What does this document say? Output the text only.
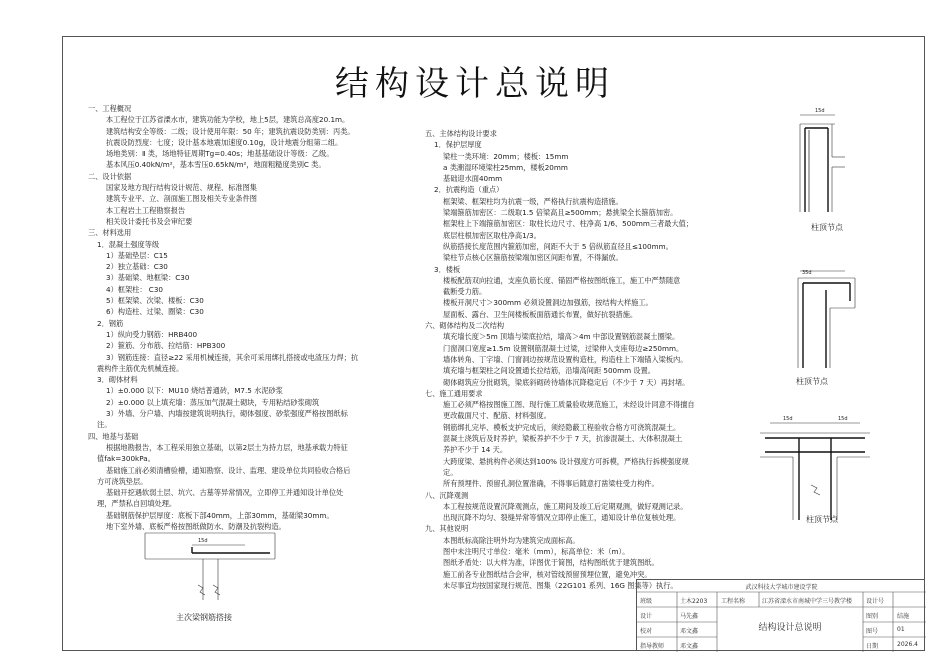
结构设计总说明
一、工程概况
本工程位于江苏省溧水市，建筑功能为学校，地上5层，建筑总高度20.1m。
建筑结构安全等级：二级；设计使用年限：50 年；建筑抗震设防类别：丙类。
抗震设防烈度：七度；设计基本地震加速度0.10g，设计地震分组第二组。
场地类别：Ⅱ 类，场地特征周期Tg=0.40s；地基基础设计等级：乙级。
基本风压0.40kN/m²，基本雪压0.65kN/m²，地面粗糙度类别C 类。
二、设计依据
国家及地方现行结构设计规范、规程、标准图集
建筑专业平、立、剖面施工图及相关专业条件图
本工程岩土工程勘察报告
相关设计委托书及会审纪要
三、材料选用
1．混凝土强度等级
1）基础垫层：C15
2）独立基础：C30
3）基础梁、地框梁：C30
4）框架柱： C30
5）框架梁、次梁、楼板：C30
6）构造柱、过梁、圈梁：C30
2．钢筋
1）纵向受力钢筋：HRB400
2）箍筋、分布筋、拉结筋：HPB300
3）钢筋连接：直径≥22 采用机械连接，其余可采用绑扎搭接或电渣压力焊；抗
震构件主筋优先机械连接。
3．砌体材料
1）±0.000 以下：MU10 烧结普通砖，M7.5 水泥砂浆
2）±0.000 以上填充墙：蒸压加气混凝土砌块，专用粘结砂浆砌筑
3）外墙、分户墙、内墙按建筑说明执行，砌体强度、砂浆强度严格按图纸标
注。
四、地基与基础
根据地勘报告，本工程采用独立基础，以第2层土为持力层，地基承载力特征
值fak=300kPa。
基础施工前必须清槽验槽，通知勘察、设计、监理、建设单位共同验收合格后
方可浇筑垫层。
基础开挖遇软弱土层、坑穴、古墓等异常情况，立即停工并通知设计单位处
理，严禁私自回填处理。
基础钢筋保护层厚度：底板下部40mm，上部30mm，基础梁30mm。
地下室外墙、底板严格按图纸做防水、防潮及抗裂构造。
五、主体结构设计要求
1．保护层厚度
梁柱一类环境：20mm；楼板：15mm
a 类潮湿环境梁柱25mm，楼板20mm
基础迎水面40mm
2．抗震构造（重点）
框架梁、框架柱均为抗震一级，严格执行抗震构造措施。
梁端箍筋加密区：二级取1.5 倍梁高且≥500mm；悬挑梁全长箍筋加密。
框架柱上下端箍筋加密区：取柱长边尺寸、柱净高 1/6、500mm三者最大值；
底层柱根加密区取柱净高1/3。
纵筋搭接长度范围内箍筋加密，间距不大于 5 倍纵筋直径且≤100mm。
梁柱节点核心区箍筋按梁端加密区间距布置，不得漏放。
3．楼板
楼板配筋双向拉通，支座负筋长度、锚固严格按图纸施工，施工中严禁随意
截断受力筋。
楼板开洞尺寸＞300mm 必须设置洞边加强筋，按结构大样施工。
屋面板、露台、卫生间楼板板面筋通长布置，做好抗裂措施。
六、砌体结构及二次结构
填充墙长度＞5m 顶墙与梁底拉结，墙高＞4m 中部设置钢筋混凝土圈梁。
门窗洞口宽度≥1.5m 设置钢筋混凝土过梁，过梁伸入支座每边≥250mm。
墙体转角、丁字墙、门窗洞边按规范设置构造柱，构造柱上下端锚入梁板内。
填充墙与框架柱之间设置通长拉结筋，沿墙高间距 500mm 设置。
砌体砌筑应分批砌筑，梁底斜砌砖待墙体沉降稳定后（不少于 7 天）再封堵。
七、施工通用要求
施工必须严格按图施工图、现行施工质量验收规范施工，未经设计同意不得擅自
更改截面尺寸、配筋、材料强度。
钢筋绑扎完毕、模板支护完成后，须经隐蔽工程验收合格方可浇筑混凝土。
混凝土浇筑后及时养护，梁板养护不少于 7 天，抗渗混凝土、大体积混凝土
养护不少于 14 天。
大跨度梁、悬挑构件必须达到100% 设计强度方可拆模，严格执行拆模强度规
定。
所有预埋件、预留孔洞位置准确，不得事后随意打凿梁柱受力构件。
八、沉降观测
本工程按规范设置沉降观测点，施工期间及竣工后定期观测，做好观测记录。
出现沉降不均匀、裂缝异常等情况立即停止施工，通知设计单位复核处理。
九、其他说明
本图纸标高除注明外均为建筑完成面标高。
图中未注明尺寸单位：毫米（mm），标高单位：米（m）。
图纸矛盾处：以大样为准，详图优于简图，结构图纸优于建筑图纸。
施工前各专业图纸结合会审，核对管线预留预埋位置，避免冲突。
未尽事宜均按国家现行规范、图集（22G101 系列、16G 图集等）执行。
15d
主次梁钢筋搭接
15d
柱顶节点
35d
柱顶节点
15d	15d
柱顶节点
武汉科技大学城市建设学院
班级	土木2203 工程名称	江苏省溧水市南城中学三号教学楼 设计号
设计	马先鑫	图别	结施
校对	邓文鑫	图号	01
指导教师	邓文鑫	日期	2026.4
结构设计总说明
